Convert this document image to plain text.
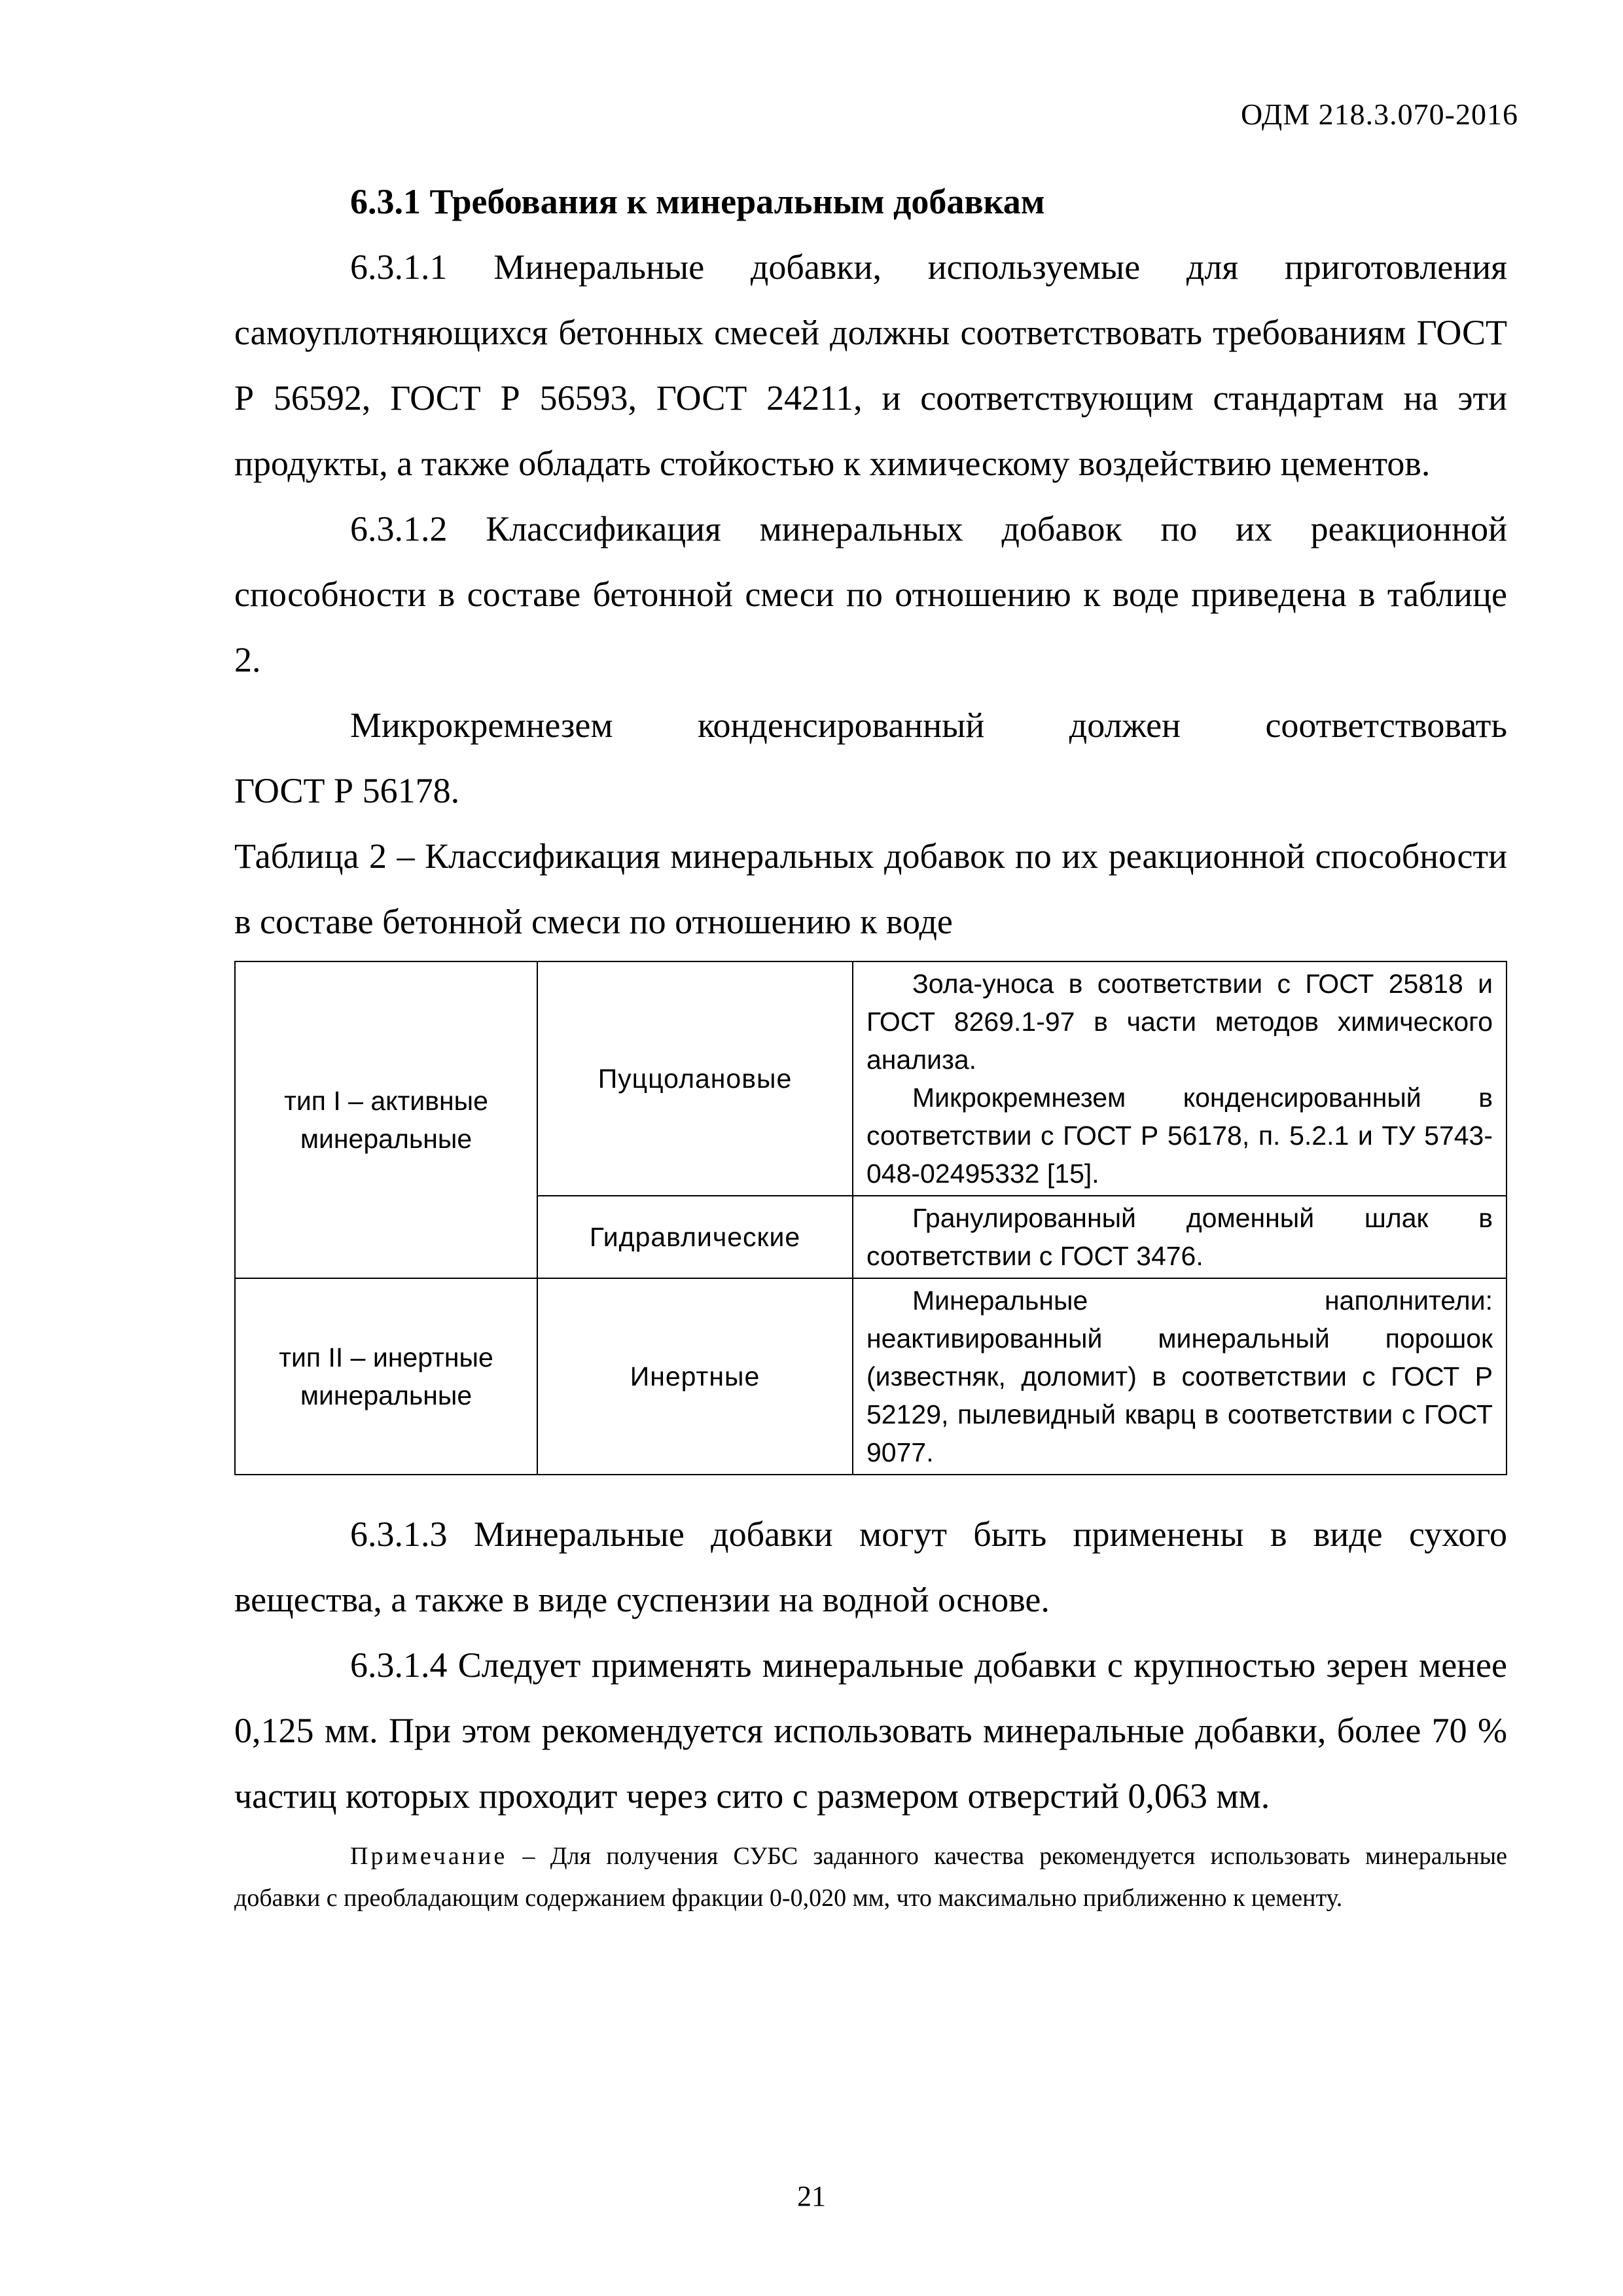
ОДМ 218.3.070-2016

6.3.1 Требования к минеральным добавкам

6.3.1.1 Минеральные добавки, используемые для приготовления самоуплотняющихся бетонных смесей должны соответствовать требованиям ГОСТ Р 56592, ГОСТ Р 56593, ГОСТ 24211, и соответствующим стандартам на эти продукты, а также обладать стойкостью к химическому воздействию цементов.

6.3.1.2 Классификация минеральных добавок по их реакционной способности в составе бетонной смеси по отношению к воде приведена в таблице 2.

Микрокремнезем конденсированный должен соответствовать

ГОСТ Р 56178.

Таблица 2 – Классификация минеральных добавок по их реакционной способности в составе бетонной смеси по отношению к воде

тип I – активные минеральные	Пуццолановые	Зола-уноса в соответствии с ГОСТ 25818 и ГОСТ 8269.1-97 в части методов химического анализа.

Микрокремнезем конденсированный в соответствии с ГОСТ Р 56178, п. 5.2.1 и ТУ 5743-048-02495332 [15].

	Гидравлические	Гранулированный доменный шлак в соответствии с ГОСТ 3476.

тип II – инертные минеральные	Инертные	Минеральные наполнители: неактивированный минеральный порошок (известняк, доломит) в соответствии с ГОСТ Р 52129, пылевидный кварц в соответствии с ГОСТ 9077.

6.3.1.3 Минеральные добавки могут быть применены в виде сухого вещества, а также в виде суспензии на водной основе.

6.3.1.4 Следует применять минеральные добавки с крупностью зерен менее 0,125 мм. При этом рекомендуется использовать минеральные добавки, более 70 % частиц которых проходит через сито с размером отверстий 0,063 мм.

Примечание – Для получения СУБС заданного качества рекомендуется использовать минеральные добавки с преобладающим содержанием фракции 0-0,020 мм, что максимально приближенно к цементу.

21
